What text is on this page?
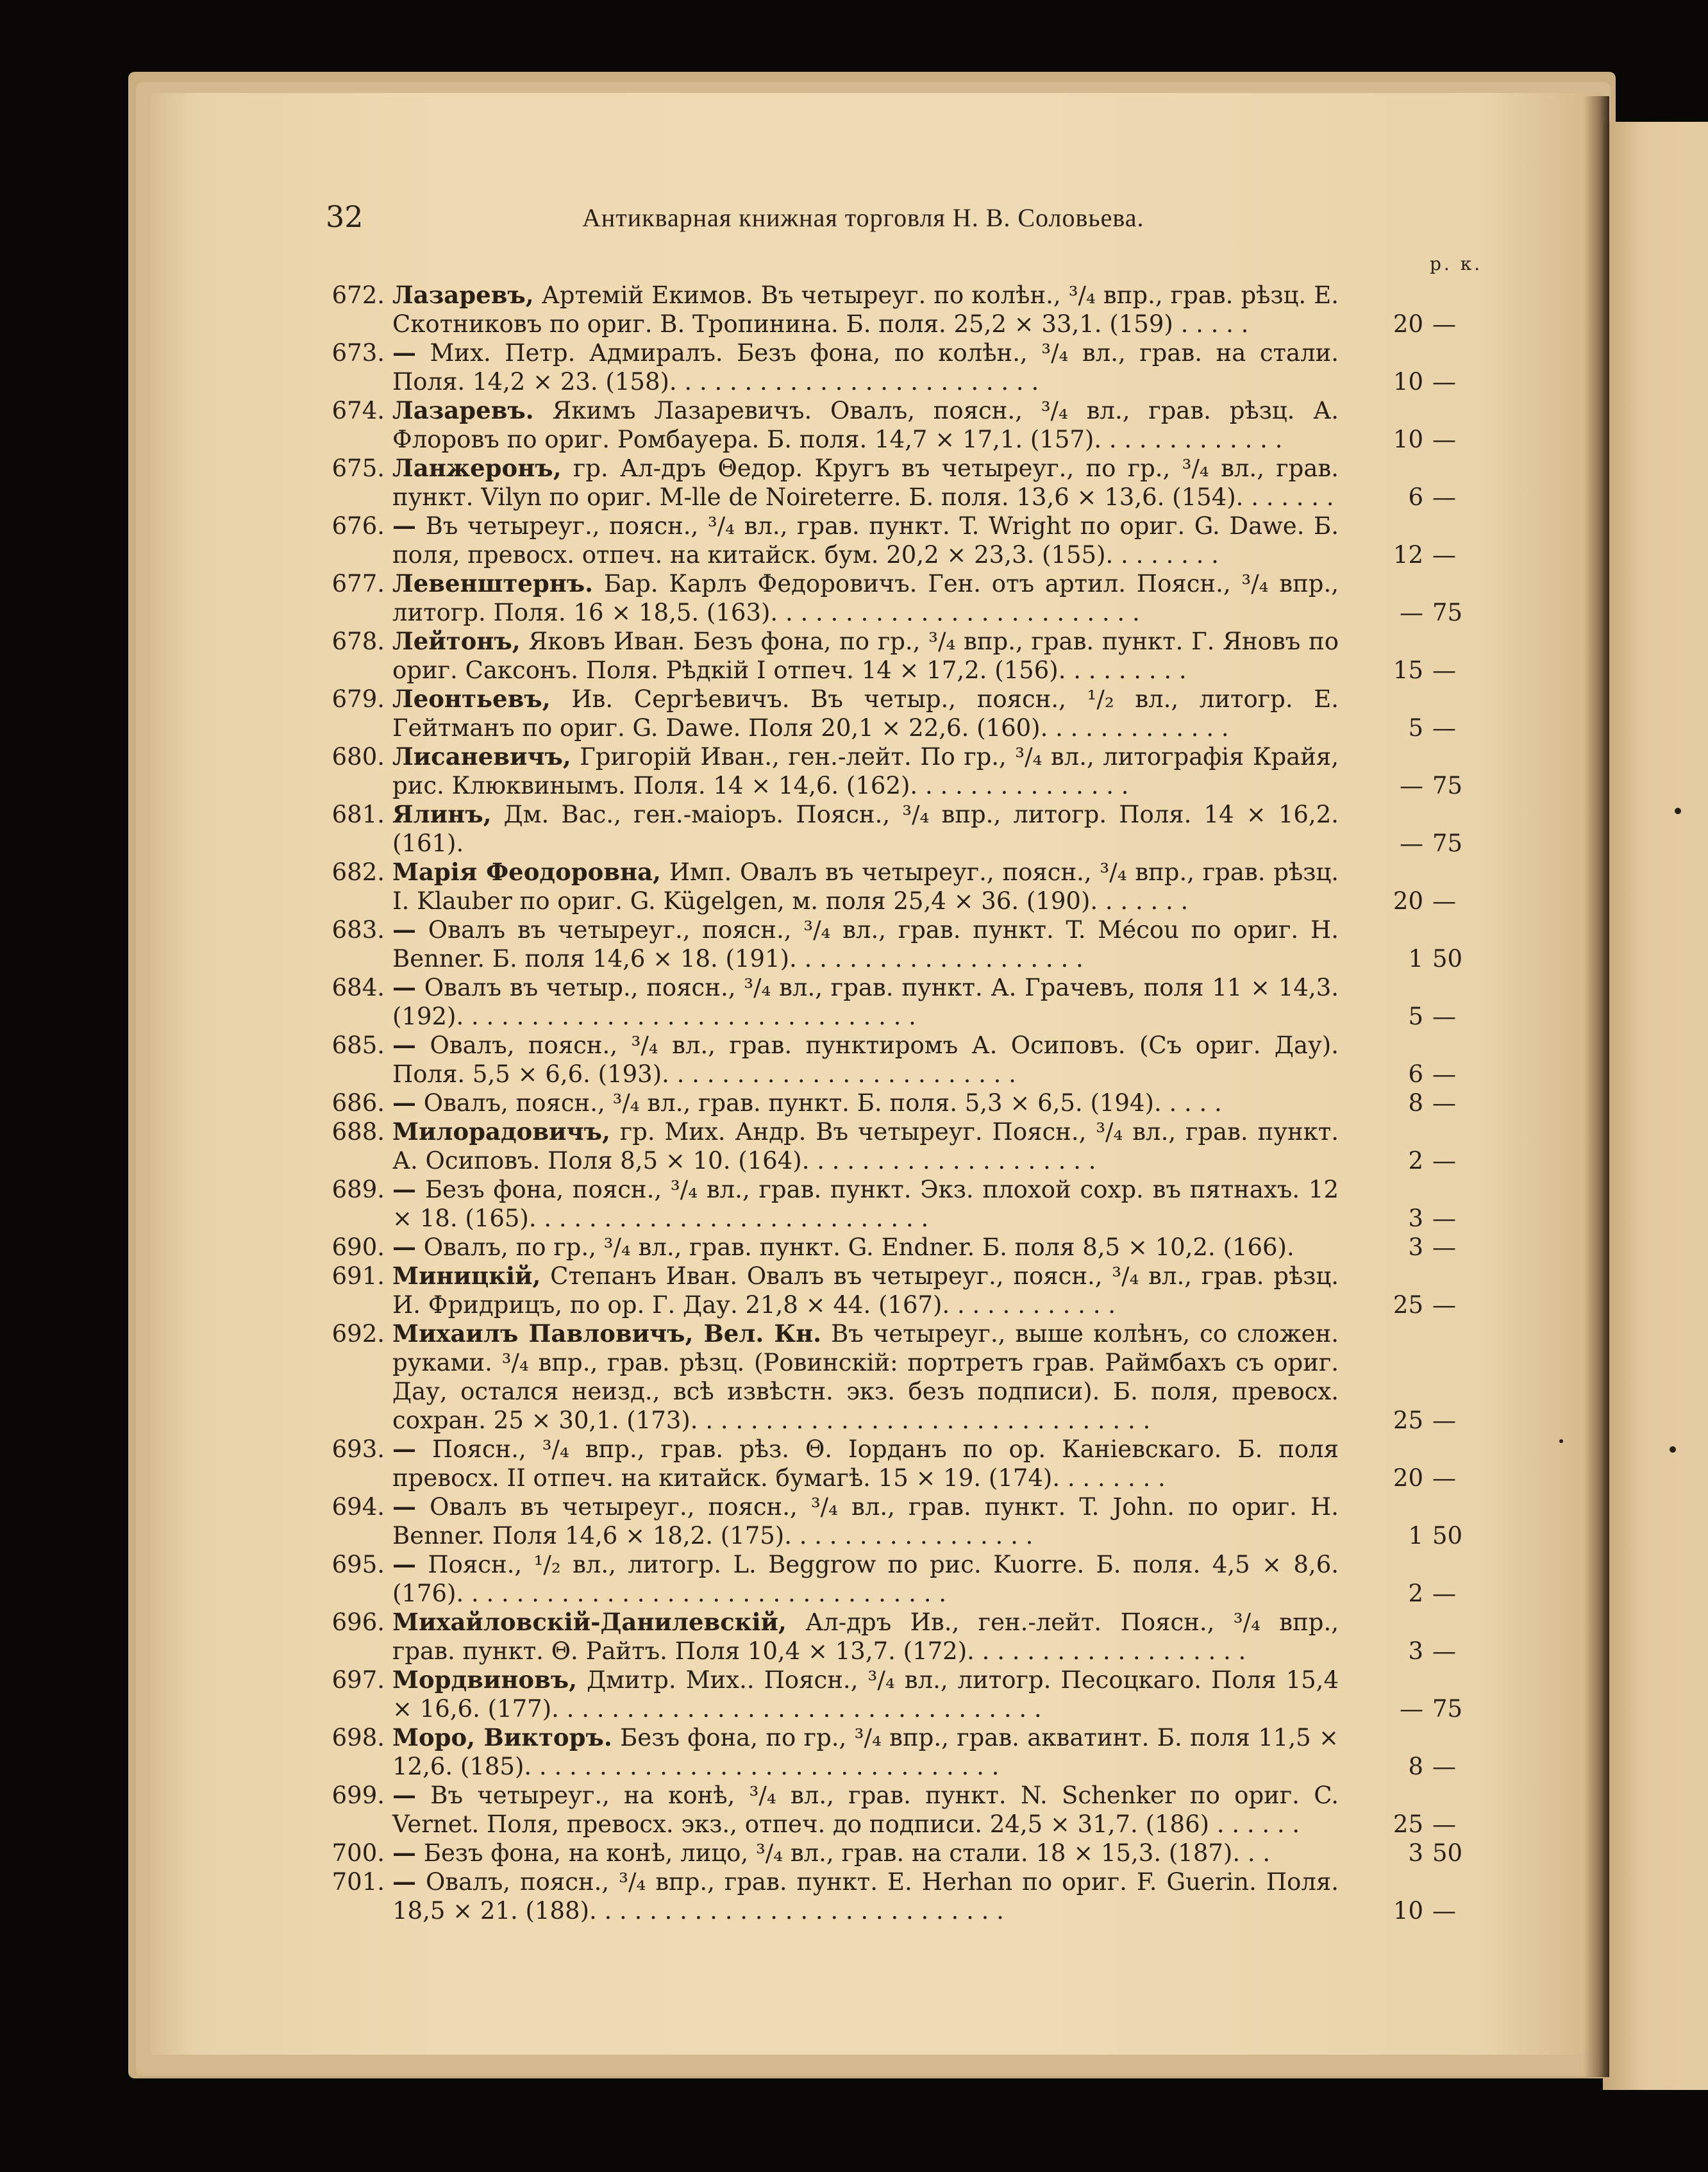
32	Антикварная книжная торговля Н. В. Соловьева.
р. к.
672. Лазаревъ, Артемій Екимов. Въ четыреуг. по колѣн., ³/₄ впр., грав. рѣзц. Е. Скотниковъ по ориг. В. Тропинина. Б. поля. 25,2 × 33,1. (159) . . . . .	20 —
673. — Мих. Петр. Адмиралъ. Безъ фона, по колѣн., ³/₄ вл., грав. на стали. Поля. 14,2 × 23. (158). . . . . . . . . . . . . . . . . . . . . . . . .	10 —
674. Лазаревъ. Якимъ Лазаревичъ. Овалъ, поясн., ³/₄ вл., грав. рѣзц. А. Флоровъ по ориг. Ромбауера. Б. поля. 14,7 × 17,1. (157). . . . . . . . . . . . .	10 —
675. Ланжеронъ, гр. Ал-дръ Θедор. Кругъ въ четыреуг., по гр., ³/₄ вл., грав. пункт. Vilyn по ориг. M-lle de Noireterre. Б. поля. 13,6 × 13,6. (154). . . . . . .	6 —
676. — Въ четыреуг., поясн., ³/₄ вл., грав. пункт. T. Wright по ориг. G. Dawe. Б. поля, превосх. отпеч. на китайск. бум. 20,2 × 23,3. (155). . . . . . . .	12 —
677. Левенштернъ. Бар. Карлъ Федоровичъ. Ген. отъ артил. Поясн., ³/₄ впр., литогр. Поля. 16 × 18,5. (163). . . . . . . . . . . . . . . . . . . . . . . . .	— 75
678. Лейтонъ, Яковъ Иван. Безъ фона, по гр., ³/₄ впр., грав. пункт. Г. Яновъ по ориг. Саксонъ. Поля. Рѣдкій I отпеч. 14 × 17,2. (156). . . . . . . . .	15 —
679. Леонтьевъ, Ив. Сергѣевичъ. Въ четыр., поясн., ¹/₂ вл., литогр. Е. Гейтманъ по ориг. G. Dawe. Поля 20,1 × 22,6. (160). . . . . . . . . . . . .	5 —
680. Лисаневичъ, Григорій Иван., ген.-лейт. По гр., ³/₄ вл., литографія Крайя, рис. Клюквинымъ. Поля. 14 × 14,6. (162). . . . . . . . . . . . . . .	— 75
681. Ялинъ, Дм. Вас., ген.-маіоръ. Поясн., ³/₄ впр., литогр. Поля. 14 × 16,2. (161).	— 75
682. Марія Феодоровна, Имп. Овалъ въ четыреуг., поясн., ³/₄ впр., грав. рѣзц. I. Klauber по ориг. G. Kügelgen, м. поля 25,4 × 36. (190). . . . . . .	20 —
683. — Овалъ въ четыреуг., поясн., ³/₄ вл., грав. пункт. T. Mécou по ориг. H. Benner. Б. поля 14,6 × 18. (191). . . . . . . . . . . . . . . . . . . .	1 50
684. — Овалъ въ четыр., поясн., ³/₄ вл., грав. пункт. А. Грачевъ, поля 11 × 14,3. (192). . . . . . . . . . . . . . . . . . . . . . . . . . . . . . .	5 —
685. — Овалъ, поясн., ³/₄ вл., грав. пунктиромъ А. Осиповъ. (Съ ориг. Дау). Поля. 5,5 × 6,6. (193). . . . . . . . . . . . . . . . . . . . . . . .	6 —
686. — Овалъ, поясн., ³/₄ вл., грав. пункт. Б. поля. 5,3 × 6,5. (194). . . . .	8 —
688. Милорадовичъ, гр. Мих. Андр. Въ четыреуг. Поясн., ³/₄ вл., грав. пункт. А. Осиповъ. Поля 8,5 × 10. (164). . . . . . . . . . . . . . . . . . . .	2 —
689. — Безъ фона, поясн., ³/₄ вл., грав. пункт. Экз. плохой сохр. въ пятнахъ. 12 × 18. (165). . . . . . . . . . . . . . . . . . . . . . . . . . .	3 —
690. — Овалъ, по гр., ³/₄ вл., грав. пункт. G. Endner. Б. поля 8,5 × 10,2. (166).	3 —
691. Миницкій, Степанъ Иван. Овалъ въ четыреуг., поясн., ³/₄ вл., грав. рѣзц. И. Фридрицъ, по ор. Г. Дау. 21,8 × 44. (167). . . . . . . . . . . .	25 —
692. Михаилъ Павловичъ, Вел. Кн. Въ четыреуг., выше колѣнъ, со сложен. руками. ³/₄ впр., грав. рѣзц. (Ровинскій: портретъ грав. Раймбахъ съ ориг. Дау, остался неизд., всѣ извѣстн. экз. безъ подписи). Б. поля, превосх. сохран. 25 × 30,1. (173). . . . . . . . . . . . . . . . . . . . . . . . . . . . . . .	25 —
693. — Поясн., ³/₄ впр., грав. рѣз. Θ. Іорданъ по ор. Каніевскаго. Б. поля превосх. II отпеч. на китайск. бумагѣ. 15 × 19. (174). . . . . . . .	20 —
694. — Овалъ въ четыреуг., поясн., ³/₄ вл., грав. пункт. T. John. по ориг. H. Benner. Поля 14,6 × 18,2. (175). . . . . . . . . . . . . . . . .	1 50
695. — Поясн., ¹/₂ вл., литогр. L. Beggrow по рис. Kuorre. Б. поля. 4,5 × 8,6. (176). . . . . . . . . . . . . . . . . . . . . . . . . . . . . . . . .	2 —
696. Михайловскій-Данилевскій, Ал-дръ Ив., ген.-лейт. Поясн., ³/₄ впр., грав. пункт. Θ. Райтъ. Поля 10,4 × 13,7. (172). . . . . . . . . . . . . . . . . . .	3 —
697. Мордвиновъ, Дмитр. Мих.. Поясн., ³/₄ вл., литогр. Песоцкаго. Поля 15,4 × 16,6. (177). . . . . . . . . . . . . . . . . . . . . . . . . . . . . . . . .	— 75
698. Моро, Викторъ. Безъ фона, по гр., ³/₄ впр., грав. акватинт. Б. поля 11,5 × 12,6. (185). . . . . . . . . . . . . . . . . . . . . . . . . . . . . . . .	8 —
699. — Въ четыреуг., на конѣ, ³/₄ вл., грав. пункт. N. Schenker по ориг. C. Vernet. Поля, превосх. экз., отпеч. до подписи. 24,5 × 31,7. (186) . . . . . .	25 —
700. — Безъ фона, на конѣ, лицо, ³/₄ вл., грав. на стали. 18 × 15,3. (187). . .	3 50
701. — Овалъ, поясн., ³/₄ впр., грав. пункт. E. Herhan по ориг. F. Guerin. Поля. 18,5 × 21. (188). . . . . . . . . . . . . . . . . . . . . . . . . . . .	10 —
